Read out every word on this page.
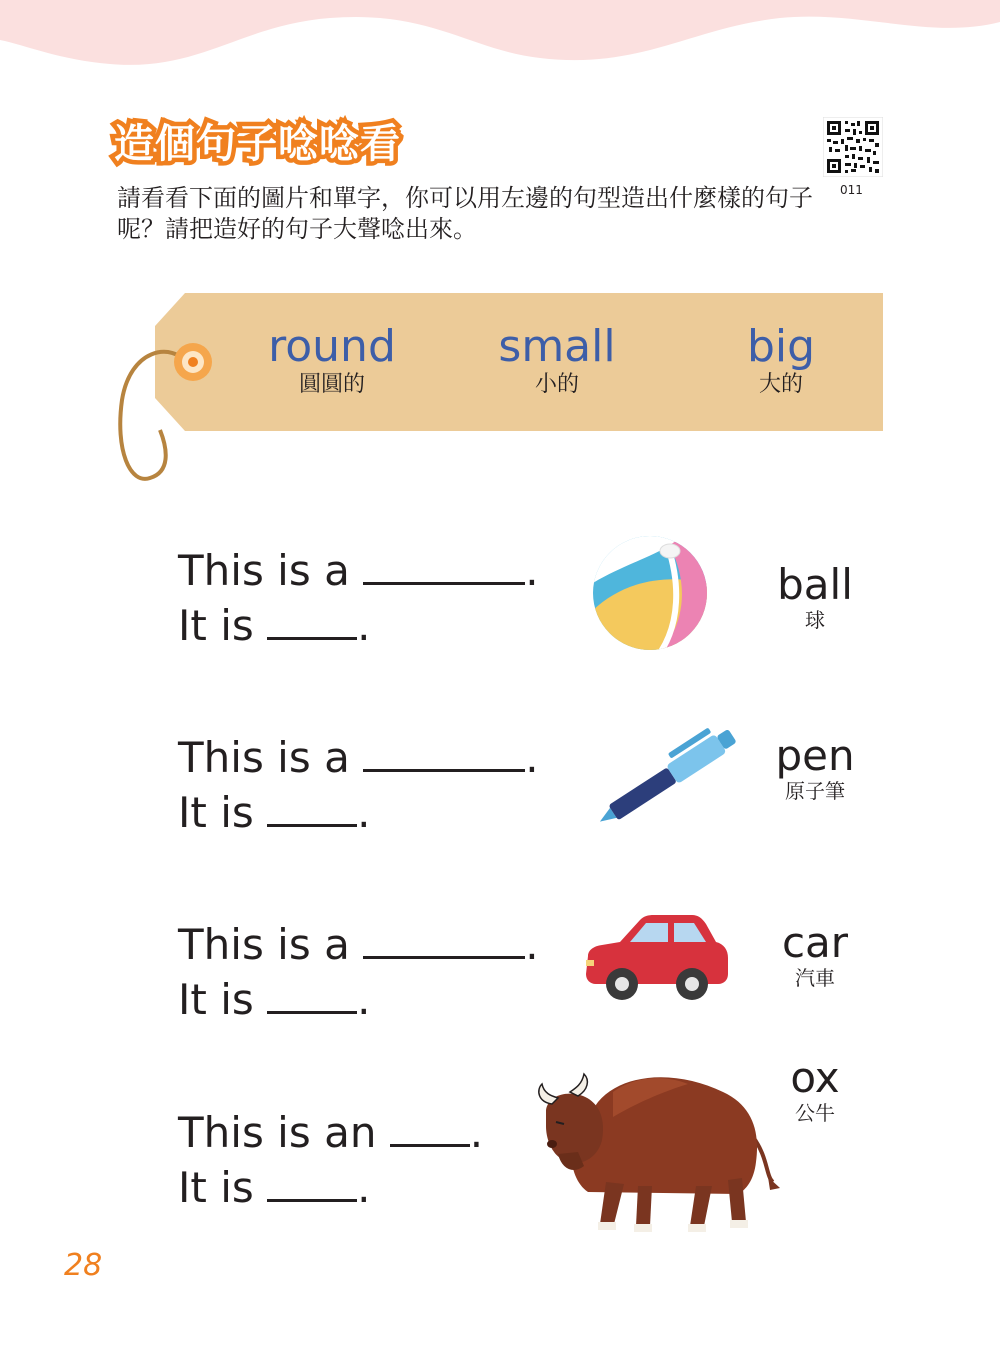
造個句子唸唸看

請看看下面的圖片和單字，你可以用左邊的句型造出什麼樣的句子呢？請把造好的句子大聲唸出來。

011
round
圓圓的
small
小的
big
大的
This is a	.
It is .
ball
球
This is a	.
It is .
pen
原子筆
This is a	.
It is .
car
汽車
This is an .
It is .
ox
公牛
28
